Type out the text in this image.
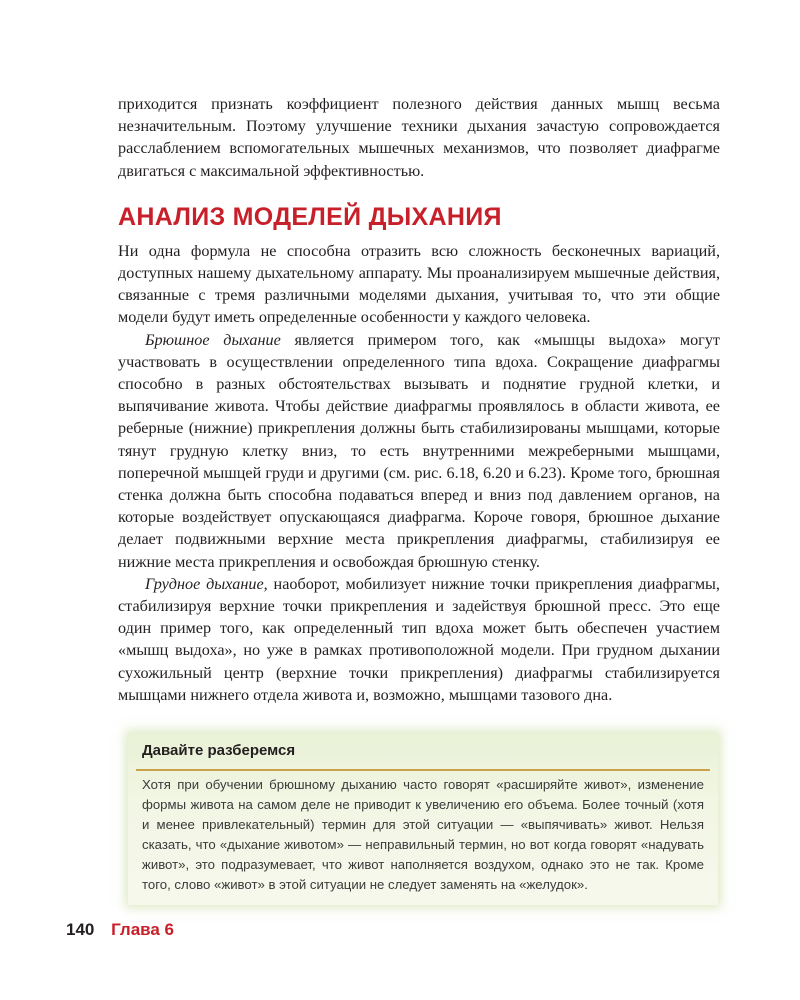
приходится признать коэффициент полезного действия данных мышц весьма незначительным. Поэтому улучшение техники дыхания зачастую сопровождается расслаблением вспомогательных мышечных механизмов, что позволяет диафрагме двигаться с максимальной эффективностью.

АНАЛИЗ МОДЕЛЕЙ ДЫХАНИЯ

Ни одна формула не способна отразить всю сложность бесконечных вариаций, доступных нашему дыхательному аппарату. Мы проанализируем мышечные действия, связанные с тремя различными моделями дыхания, учитывая то, что эти общие модели будут иметь определенные особенности у каждого человека.

Брюшное дыхание является примером того, как «мышцы выдоха» могут участвовать в осуществлении определенного типа вдоха. Сокращение диафрагмы способно в разных обстоятельствах вызывать и поднятие грудной клетки, и выпячивание живота. Чтобы действие диафрагмы проявлялось в области живота, ее реберные (нижние) прикрепления должны быть стабилизированы мышцами, которые тянут грудную клетку вниз, то есть внутренними межреберными мышцами, поперечной мышцей груди и другими (см. рис. 6.18, 6.20 и 6.23). Кроме того, брюшная стенка должна быть способна подаваться вперед и вниз под давлением органов, на которые воздействует опускающаяся диафрагма. Короче говоря, брюшное дыхание делает подвижными верхние места прикрепления диафрагмы, стабилизируя ее нижние места прикрепления и освобождая брюшную стенку.

Грудное дыхание, наоборот, мобилизует нижние точки прикрепления диафрагмы, стабилизируя верхние точки прикрепления и задействуя брюшной пресс. Это еще один пример того, как определенный тип вдоха может быть обеспечен участием «мышц выдоха», но уже в рамках противоположной модели. При грудном дыхании сухожильный центр (верхние точки прикрепления) диафрагмы стабилизируется мышцами нижнего отдела живота и, возможно, мышцами тазового дна.

Давайте разберемся
Хотя при обучении брюшному дыханию часто говорят «расширяйте живот», изменение формы живота на самом деле не приводит к увеличению его объема. Более точный (хотя и менее привлекательный) термин для этой ситуации — «выпячивать» живот. Нельзя сказать, что «дыхание животом» — неправильный термин, но вот когда говорят «надувать живот», это подразумевает, что живот наполняется воздухом, однако это не так. Кроме того, слово «живот» в этой ситуации не следует заменять на «желудок».
140 Глава 6
